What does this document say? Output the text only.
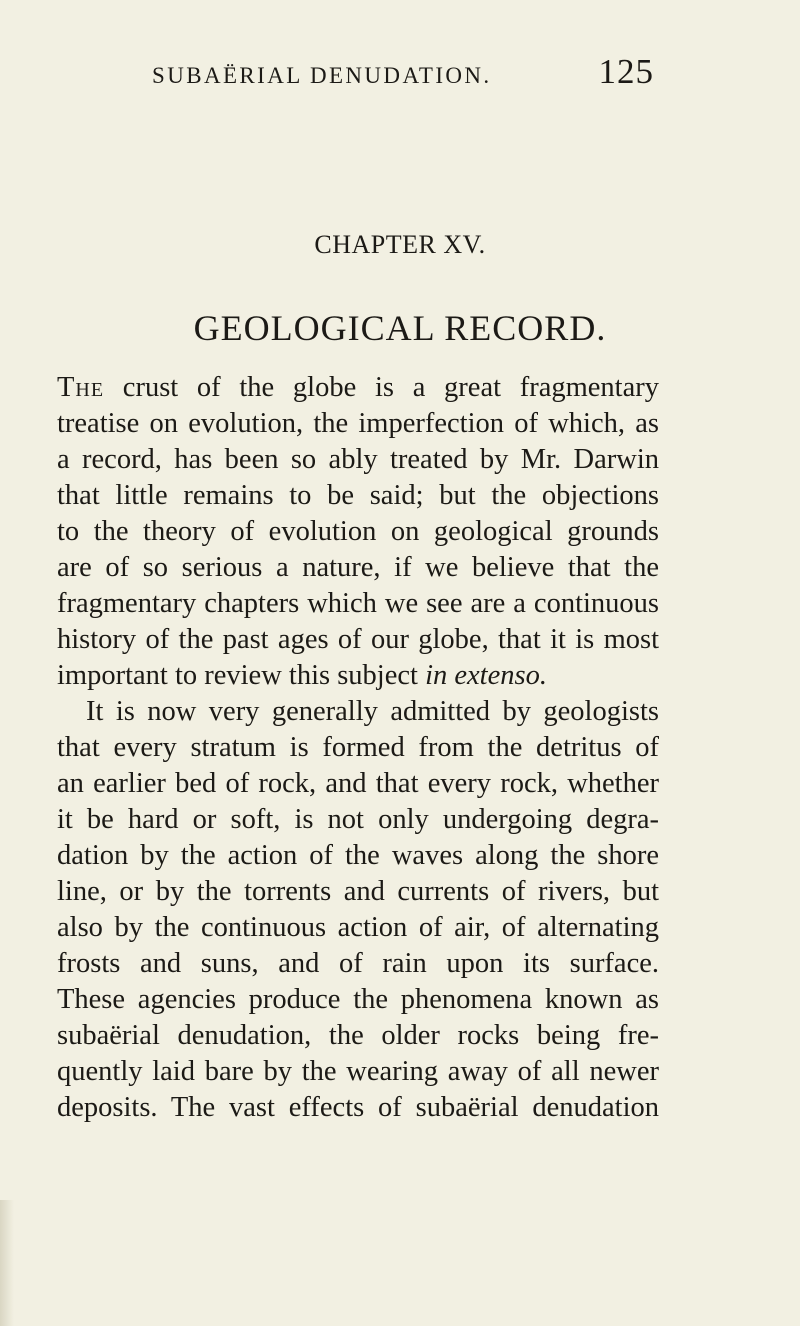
SUBAËRIAL DENUDATION.	125
CHAPTER XV.
GEOLOGICAL RECORD.
The crust of the globe is a great fragmentary
treatise on evolution, the imperfection of which, as
a record, has been so ably treated by Mr. Darwin
that little remains to be said; but the objections
to the theory of evolution on geological grounds
are of so serious a nature, if we believe that the
fragmentary chapters which we see are a continuous
history of the past ages of our globe, that it is most
important to review this subject in extenso.
It is now very generally admitted by geologists
that every stratum is formed from the detritus of
an earlier bed of rock, and that every rock, whether
it be hard or soft, is not only undergoing degra-
dation by the action of the waves along the shore
line, or by the torrents and currents of rivers, but
also by the continuous action of air, of alternating
frosts and suns, and of rain upon its surface.
These agencies produce the phenomena known as
subaërial denudation, the older rocks being fre-
quently laid bare by the wearing away of all newer
deposits. The vast effects of subaërial denudation
